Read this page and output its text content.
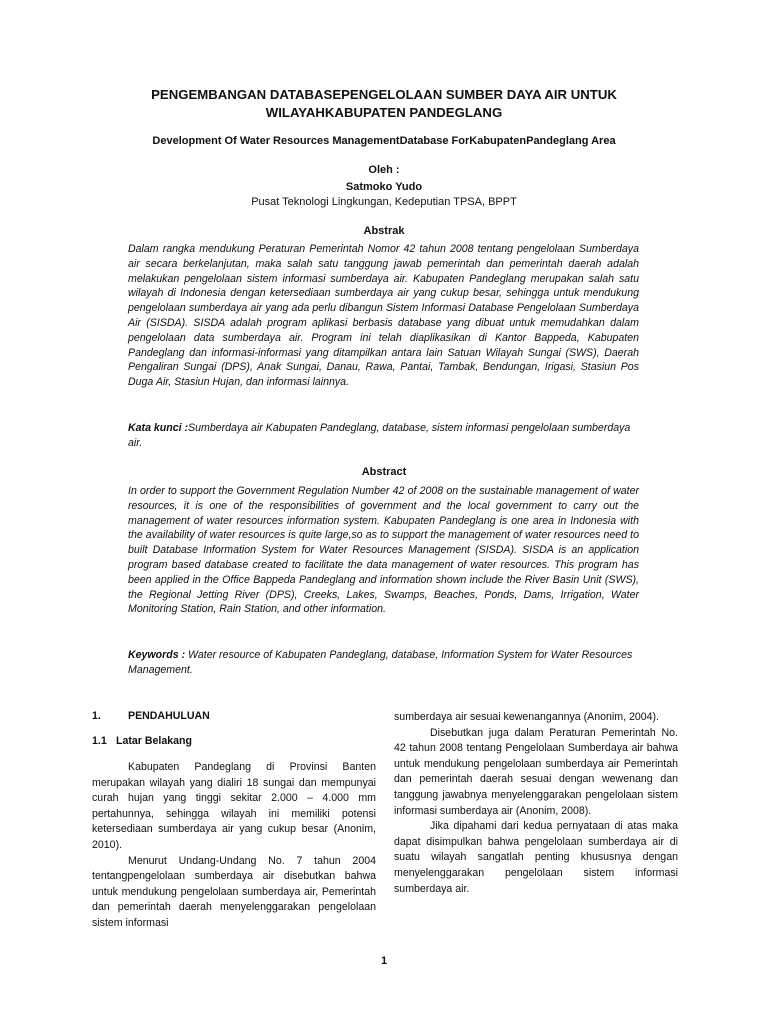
PENGEMBANGAN DATABASEPENGELOLAAN SUMBER DAYA AIR UNTUK WILAYAHKABUPATEN PANDEGLANG
Development Of Water Resources ManagementDatabase ForKabupatenPandeglang Area
Oleh :
Satmoko Yudo
Pusat Teknologi Lingkungan, Kedeputian TPSA, BPPT
Abstrak
Dalam rangka mendukung Peraturan Pemerintah Nomor 42 tahun 2008 tentang pengelolaan Sumberdaya air secara berkelanjutan, maka salah satu tanggung jawab pemerintah dan pemerintah daerah adalah melakukan pengelolaan sistem informasi sumberdaya air. Kabupaten Pandeglang merupakan salah satu wilayah di Indonesia dengan ketersediaan sumberdaya air yang cukup besar, sehingga untuk mendukung pengelolaan sumberdaya air yang ada perlu dibangun Sistem Informasi Database Pengelolaan Sumberdaya Air (SISDA). SISDA adalah program aplikasi berbasis database yang dibuat untuk memudahkan dalam pengelolaan data sumberdaya air. Program ini telah diaplikasikan di Kantor Bappeda, Kabupaten Pandeglang dan informasi-informasi yang ditampilkan antara lain Satuan Wilayah Sungai (SWS), Daerah Pengaliran Sungai (DPS), Anak Sungai, Danau, Rawa, Pantai, Tambak, Bendungan, Irigasi, Stasiun Pos Duga Air, Stasiun Hujan, dan informasi lainnya.
Kata kunci :Sumberdaya air Kabupaten Pandeglang, database, sistem informasi pengelolaan sumberdaya air.
Abstract
In order to support the Government Regulation Number 42 of 2008 on the sustainable management of water resources, it is one of the responsibilities of government and the local government to carry out the management of water resources information system. Kabupaten Pandeglang is one area in Indonesia with the availability of water resources is quite large,so as to support the management of water resources need to built Database Information System for Water Resources Management (SISDA). SISDA is an application program based database created to facilitate the data management of water resources. This program has been applied in the Office Bappeda Pandeglang and information shown include the River Basin Unit (SWS), the Regional Jetting River (DPS), Creeks, Lakes, Swamps, Beaches, Ponds, Dams, Irrigation, Water Monitoring Station, Rain Station, and other information.
Keywords : Water resource of Kabupaten Pandeglang, database, Information System for Water Resources Management.
1.	PENDAHULUAN
1.1 Latar Belakang

Kabupaten Pandeglang di Provinsi Banten merupakan wilayah yang dialiri 18 sungai dan mempunyai curah hujan yang tinggi sekitar 2.000 – 4.000 mm pertahunnya, sehingga wilayah ini memiliki potensi ketersediaan sumberdaya air yang cukup besar (Anonim, 2010).

Menurut Undang-Undang No. 7 tahun 2004 tentangpengelolaan sumberdaya air disebutkan bahwa untuk mendukung pengelolaan sumberdaya air, Pemerintah dan pemerintah daerah menyelenggarakan pengelolaan sistem informasi

sumberdaya air sesuai kewenangannya (Anonim, 2004).

Disebutkan juga dalam Peraturan Pemerintah No. 42 tahun 2008 tentang Pengelolaan Sumberdaya air bahwa untuk mendukung pengelolaan sumberdaya air Pemerintah dan pemerintah daerah sesuai dengan wewenang dan tanggung jawabnya menyelenggarakan pengelolaan sistem informasi sumberdaya air (Anonim, 2008).

Jika dipahami dari kedua pernyataan di atas maka dapat disimpulkan bahwa pengelolaan sumberdaya air di suatu wilayah sangatlah penting khususnya dengan menyelenggarakan pengelolaan sistem informasi sumberdaya air.

1
